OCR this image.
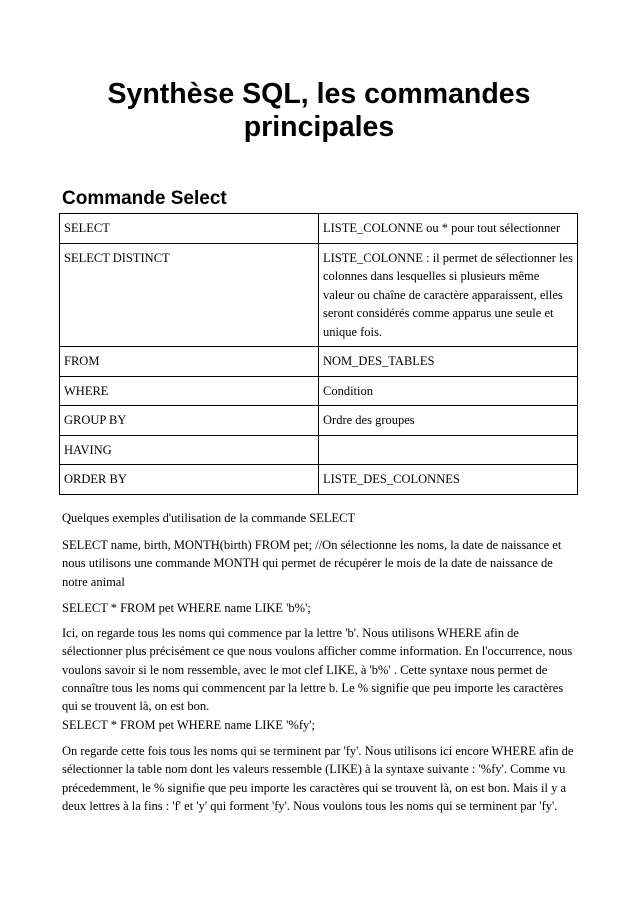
Synthèse SQL, les commandes principales
Commande Select
SELECT	LISTE_COLONNE ou * pour tout sélectionner
SELECT DISTINCT	LISTE_COLONNE : il permet de sélectionner les colonnes dans lesquelles si plusieurs même valeur ou chaîne de caractère apparaissent, elles seront considérés comme apparus une seule et unique fois.
FROM	NOM_DES_TABLES
WHERE	Condition
GROUP BY	Ordre des groupes
HAVING	
ORDER BY	LISTE_DES_COLONNES

Quelques exemples d'utilisation de la commande SELECT

SELECT name, birth, MONTH(birth) FROM pet; //On sélectionne les noms, la date de naissance et nous utilisons une commande MONTH qui permet de récupérer le mois de la date de naissance de notre animal

SELECT * FROM pet WHERE name LIKE 'b%';

Ici, on regarde tous les noms qui commence par la lettre 'b'. Nous utilisons WHERE afin de sélectionner plus précisément ce que nous voulons afficher comme information. En l'occurrence, nous voulons savoir si le nom ressemble, avec le mot clef LIKE, à 'b%' . Cette syntaxe nous permet de connaître tous les noms qui commencent par la lettre b. Le % signifie que peu importe les caractères qui se trouvent là, on est bon.

SELECT * FROM pet WHERE name LIKE '%fy';

On regarde cette fois tous les noms qui se terminent par 'fy'. Nous utilisons ici encore WHERE afin de sélectionner la table nom dont les valeurs ressemble (LIKE) à la syntaxe suivante : '%fy'. Comme vu précedemment, le % signifie que peu importe les caractères qui se trouvent là, on est bon. Mais il y a deux lettres à la fins : 'f' et 'y' qui forment 'fy'. Nous voulons tous les noms qui se terminent par 'fy'.
